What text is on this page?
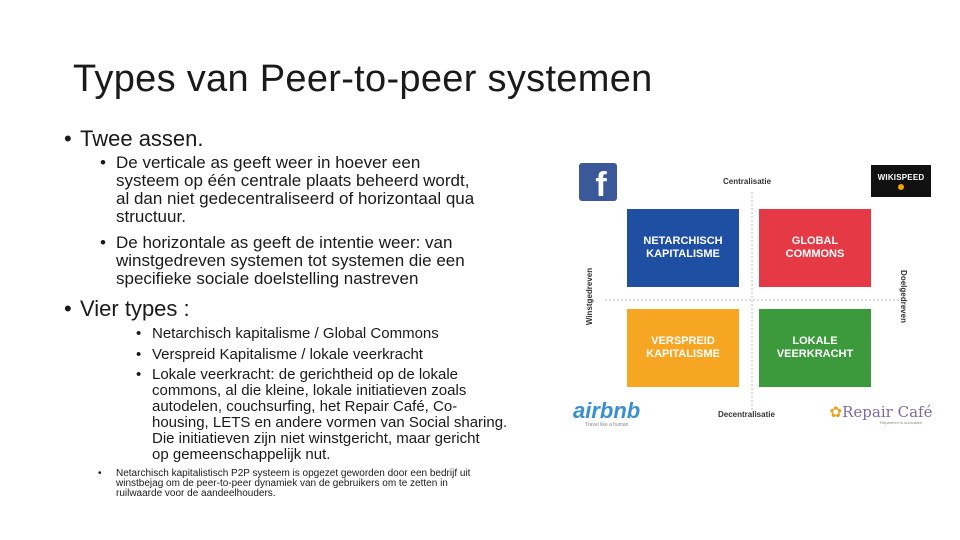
Types van Peer-to-peer systemen
• Twee assen.
• De verticale as geeft weer in hoever een
systeem op één centrale plaats beheerd wordt,
al dan niet gedecentraliseerd of horizontaal qua
structuur.
• De horizontale as geeft de intentie weer: van
winstgedreven systemen tot systemen die een
specifieke sociale doelstelling nastreven
• Vier types :
• Netarchisch kapitalisme / Global Commons
• Verspreid Kapitalisme / lokale veerkracht
• Lokale veerkracht: de gerichtheid op de lokale
commons, al die kleine, lokale initiatieven zoals
autodelen, couchsurfing, het Repair Café, Co-
housing, LETS en andere vormen van Social sharing.
Die initiatieven zijn niet winstgericht, maar gericht
op gemeenschappelijk nut.
• Netarchisch kapitalistisch P2P systeem is opgezet geworden door een bedrijf uit
winstbejag om de peer-to-peer dynamiek van de gebruikers om te zetten in
ruilwaarde voor de aandeelhouders.
Centralisatie
Decentralisatie
Winstgedreven	Doelgedreven
NETARCHISCH
KAPITALISME
GLOBAL
COMMONS
VERSPREID
KAPITALISME
LOKALE
VEERKRACHT
f	WIKISPEED
airbnb
Travel like a human
✿Repair Café
Repareren is duurzaam
